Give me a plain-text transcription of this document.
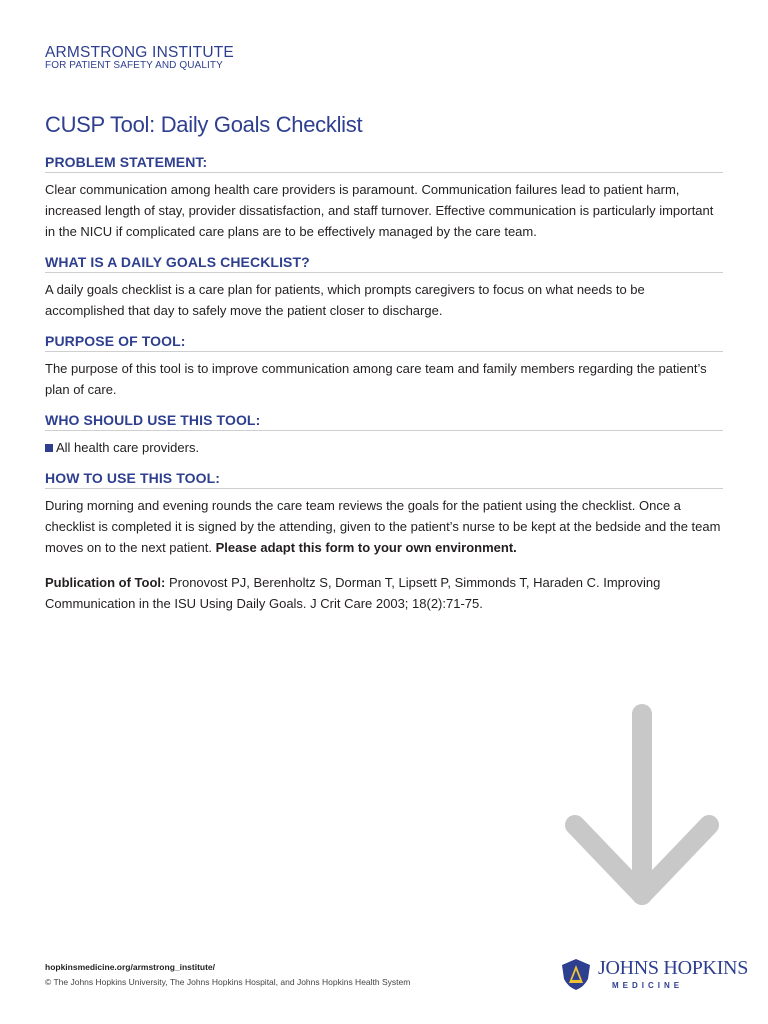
ARMSTRONG INSTITUTE
FOR PATIENT SAFETY AND QUALITY
CUSP Tool: Daily Goals Checklist
PROBLEM STATEMENT:
Clear communication among health care providers is paramount. Communication failures lead to patient harm, increased length of stay, provider dissatisfaction, and staff turnover. Effective communication is particularly important in the NICU if complicated care plans are to be effectively managed by the care team.
WHAT IS A DAILY GOALS CHECKLIST?
A daily goals checklist is a care plan for patients, which prompts caregivers to focus on what needs to be accomplished that day to safely move the patient closer to discharge.
PURPOSE OF TOOL:
The purpose of this tool is to improve communication among care team and family members regarding the patient’s plan of care.
WHO SHOULD USE THIS TOOL:
All health care providers.
HOW TO USE THIS TOOL:
During morning and evening rounds the care team reviews the goals for the patient using the checklist. Once a checklist is completed it is signed by the attending, given to the patient’s nurse to be kept at the bedside and the team moves on to the next patient. Please adapt this form to your own environment.
Publication of Tool: Pronovost PJ, Berenholtz S, Dorman T, Lipsett P, Simmonds T, Haraden C. Improving Communication in the ISU Using Daily Goals. J Crit Care 2003; 18(2):71-75.
hopkinsmedicine.org/armstrong_institute/
© The Johns Hopkins University, The Johns Hopkins Hospital, and Johns Hopkins Health System
JOHNS HOPKINS
MEDICINE
